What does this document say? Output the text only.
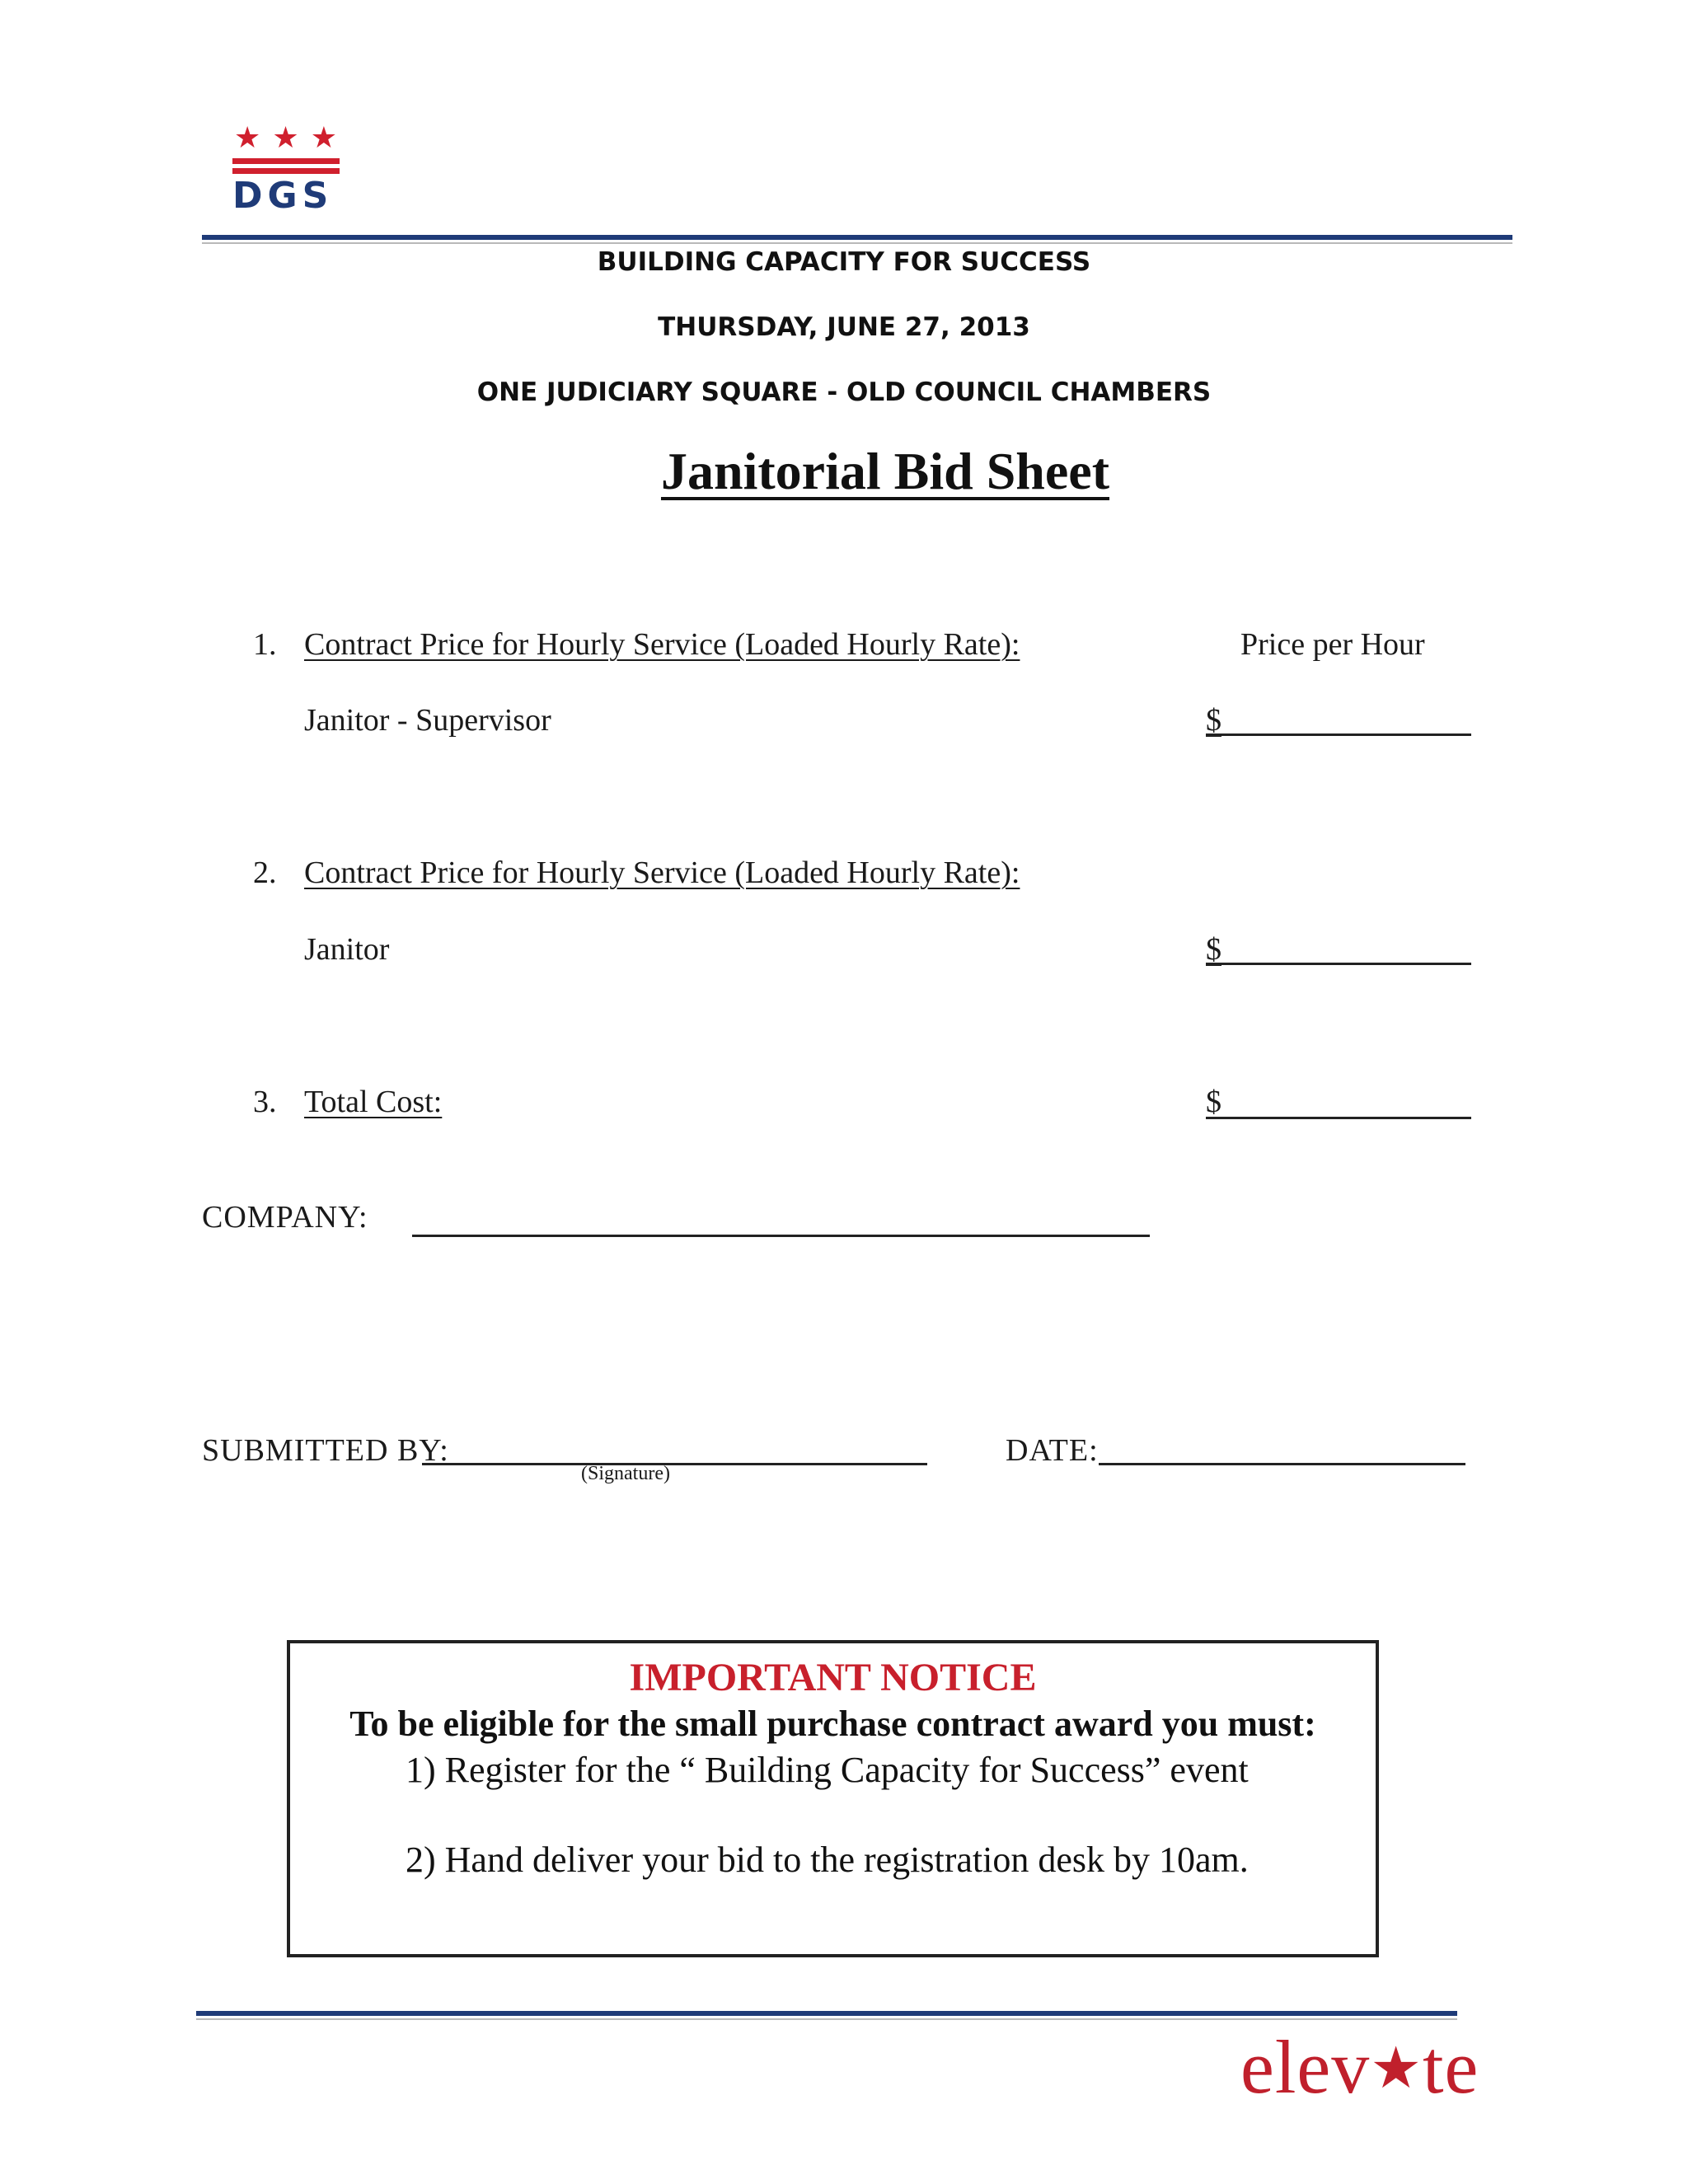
★ ★ ★
DGS
BUILDING CAPACITY FOR SUCCESS
THURSDAY, JUNE 27, 2013
ONE JUDICIARY SQUARE - OLD COUNCIL CHAMBERS
Janitorial Bid Sheet
Price per Hour
1. Contract Price for Hourly Service (Loaded Hourly Rate):
Janitor - Supervisor	$
2. Contract Price for Hourly Service (Loaded Hourly Rate):
Janitor	$
3. Total Cost:	$
COMPANY:
SUBMITTED BY:
(Signature)
DATE:
IMPORTANT NOTICE
To be eligible for the small purchase contract award you must:
1) Register for the “ Building Capacity for Success” event
2) Hand deliver your bid to the registration desk by 10am.
elev★te
